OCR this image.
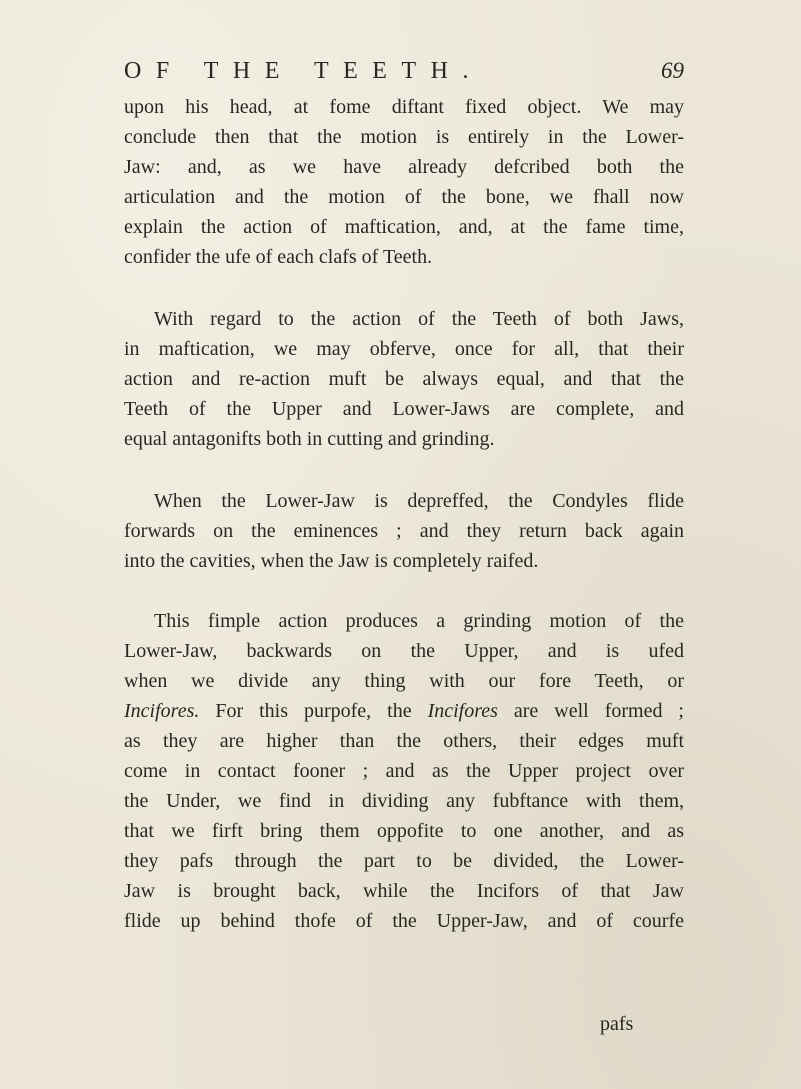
OF THE TEETH.	69
upon his head, at fome diftant fixed object. We may
conclude then that the motion is entirely in the Lower-
Jaw: and, as we have already defcribed both the
articulation and the motion of the bone, we fhall now
explain the action of maftication, and, at the fame time,
confider the ufe of each clafs of Teeth.
With regard to the action of the Teeth of both Jaws,
in maftication, we may obferve, once for all, that their
action and re-action muft be always equal, and that the
Teeth of the Upper and Lower-Jaws are complete, and
equal antagonifts both in cutting and grinding.
When the Lower-Jaw is depreffed, the Condyles flide
forwards on the eminences ; and they return back again
into the cavities, when the Jaw is completely raifed.
This fimple action produces a grinding motion of the
Lower-Jaw, backwards on the Upper, and is ufed
when we divide any thing with our fore Teeth, or
Incifores. For this purpofe, the Incifores are well formed ;
as they are higher than the others, their edges muft
come in contact fooner ; and as the Upper project over
the Under, we find in dividing any fubftance with them,
that we firft bring them oppofite to one another, and as
they pafs through the part to be divided, the Lower-
Jaw is brought back, while the Incifors of that Jaw
flide up behind thofe of the Upper-Jaw, and of courfe
pafs
